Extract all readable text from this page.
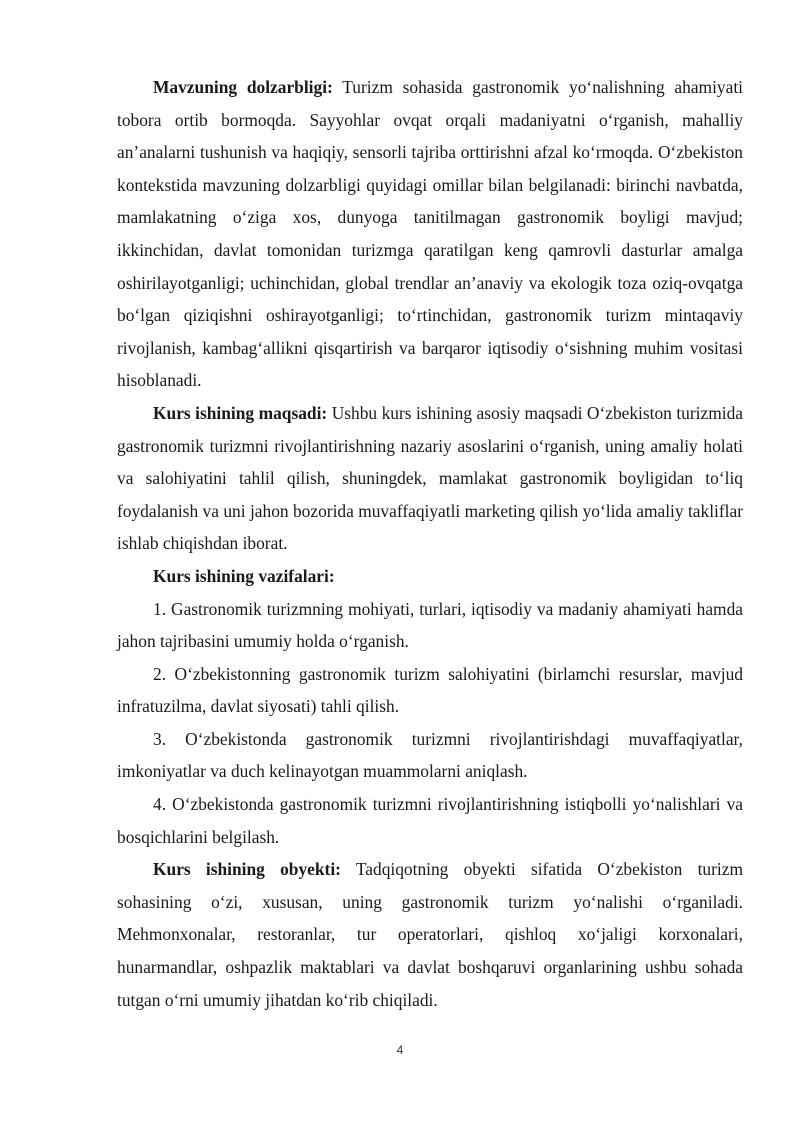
Mavzuning dolzarbligi: Turizm sohasida gastronomik yo‘nalishning ahamiyati tobora ortib bormoqda. Sayyohlar ovqat orqali madaniyatni o‘rganish, mahalliy an’analarni tushunish va haqiqiy, sensorli tajriba orttirishni afzal ko‘rmoqda. O‘zbekiston kontekstida mavzuning dolzarbligi quyidagi omillar bilan belgilanadi: birinchi navbatda, mamlakatning o‘ziga xos, dunyoga tanitilmagan gastronomik boyligi mavjud; ikkinchidan, davlat tomonidan turizmga qaratilgan keng qamrovli dasturlar amalga oshirilayotganligi; uchinchidan, global trendlar an’anaviy va ekologik toza oziq-ovqatga bo‘lgan qiziqishni oshirayotganligi; to‘rtinchidan, gastronomik turizm mintaqaviy rivojlanish, kambag‘allikni qisqartirish va barqaror iqtisodiy o‘sishning muhim vositasi hisoblanadi.

Kurs ishining maqsadi: Ushbu kurs ishining asosiy maqsadi O‘zbekiston turizmida gastronomik turizmni rivojlantirishning nazariy asoslarini o‘rganish, uning amaliy holati va salohiyatini tahlil qilish, shuningdek, mamlakat gastronomik boyligidan to‘liq foydalanish va uni jahon bozorida muvaffaqiyatli marketing qilish yo‘lida amaliy takliflar ishlab chiqishdan iborat.

Kurs ishining vazifalari:

1. Gastronomik turizmning mohiyati, turlari, iqtisodiy va madaniy ahamiyati hamda jahon tajribasini umumiy holda o‘rganish.

2. O‘zbekistonning gastronomik turizm salohiyatini (birlamchi resurslar, mavjud infratuzilma, davlat siyosati) tahli qilish.

3. O‘zbekistonda gastronomik turizmni rivojlantirishdagi muvaffaqiyatlar, imkoniyatlar va duch kelinayotgan muammolarni aniqlash.

4. O‘zbekistonda gastronomik turizmni rivojlantirishning istiqbolli yo‘nalishlari va bosqichlarini belgilash.

Kurs ishining obyekti: Tadqiqotning obyekti sifatida O‘zbekiston turizm sohasining o‘zi, xususan, uning gastronomik turizm yo‘nalishi o‘rganiladi. Mehmonxonalar, restoranlar, tur operatorlari, qishloq xo‘jaligi korxonalari, hunarmandlar, oshpazlik maktablari va davlat boshqaruvi organlarining ushbu sohada tutgan o‘rni umumiy jihatdan ko‘rib chiqiladi.

4
